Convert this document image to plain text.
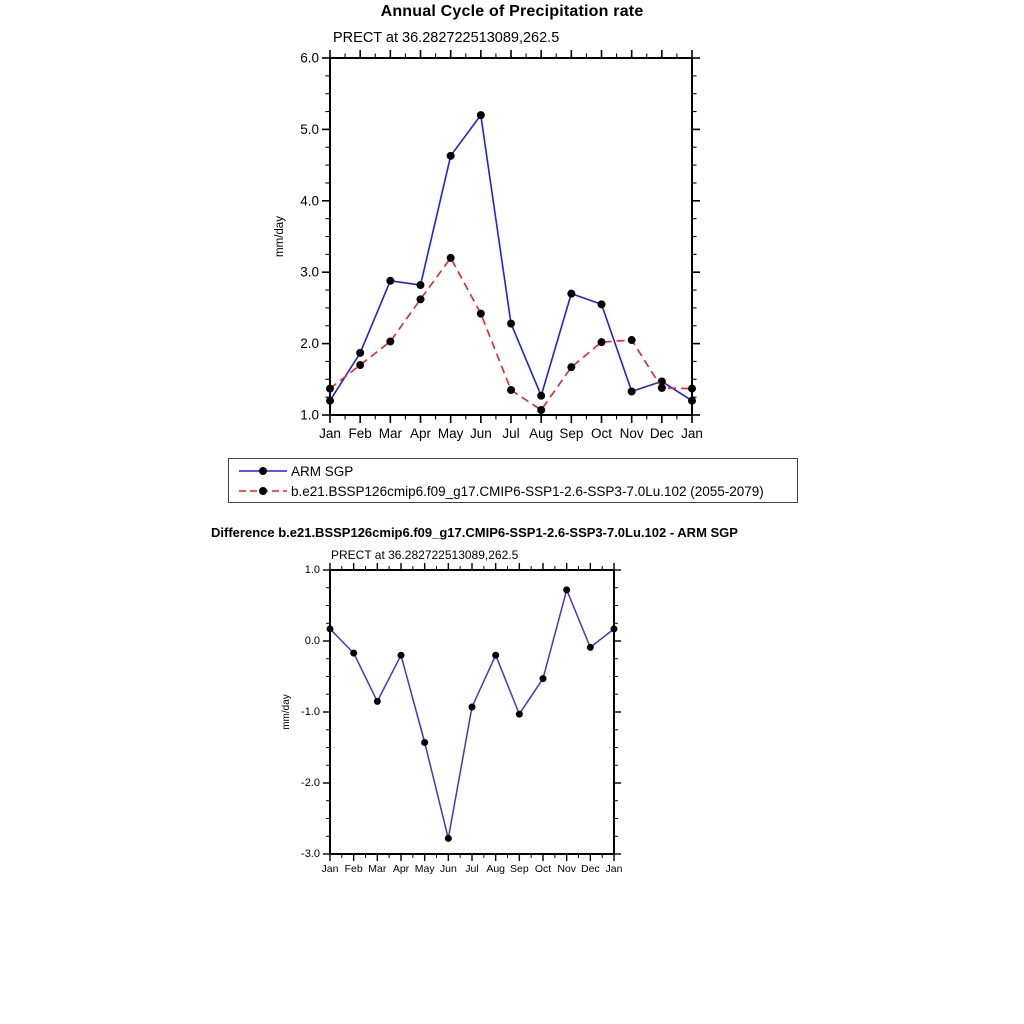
Jan Feb Mar Apr May Jun Jul Aug Sep Oct Nov Dec Jan
1.0
2.0
3.0
4.0
5.0
6.0
mm/day
Jan Feb Mar Apr May Jun Jul Aug Sep Oct Nov Dec Jan
-3.0
-2.0
-1.0
0.0
1.0
mm/day
Annual Cycle of Precipitation rate
PRECT at 36.282722513089,262.5
ARM SGP
b.e21.BSSP126cmip6.f09_g17.CMIP6-SSP1-2.6-SSP3-7.0Lu.102 (2055-2079)
Difference b.e21.BSSP126cmip6.f09_g17.CMIP6-SSP1-2.6-SSP3-7.0Lu.102 - ARM SGP
PRECT at 36.282722513089,262.5
